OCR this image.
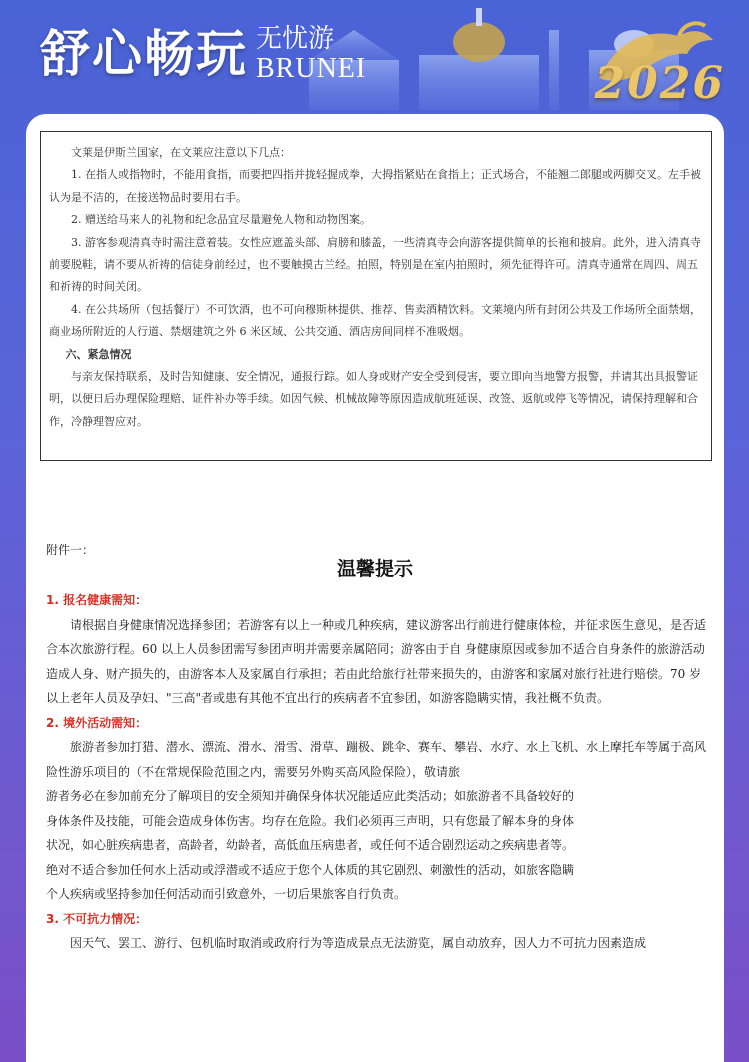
舒心畅玩 无忧游
BRUNEI	2026

文莱是伊斯兰国家，在文莱应注意以下几点：

1. 在指人或指物时，不能用食指，而要把四指并拢轻握成拳，大拇指紧贴在食指上；正式场合，不能翘二郎腿或两脚交叉。左手被认为是不洁的，在接送物品时要用右手。

2. 赠送给马来人的礼物和纪念品宜尽量避免人物和动物图案。

3. 游客参观清真寺时需注意着装。女性应遮盖头部、肩膀和膝盖，一些清真寺会向游客提供简单的长袍和披肩。此外，进入清真寺前要脱鞋，请不要从祈祷的信徒身前经过，也不要触摸古兰经。拍照，特别是在室内拍照时，须先征得许可。清真寺通常在周四、周五和祈祷的时间关闭。

4. 在公共场所（包括餐厅）不可饮酒，也不可向穆斯林提供、推荐、售卖酒精饮料。文莱境内所有封闭公共及工作场所全面禁烟，商业场所附近的人行道、禁烟建筑之外 6 米区域、公共交通、酒店房间同样不准吸烟。

六、紧急情况

与亲友保持联系，及时告知健康、安全情况，通报行踪。如人身或财产安全受到侵害，要立即向当地警方报警，并请其出具报警证明，以便日后办理保险理赔、证件补办等手续。如因气候、机械故障等原因造成航班延误、改签、返航或停飞等情况，请保持理解和合作，冷静理智应对。

附件一：
温馨提示

1. 报名健康需知：

请根据自身健康情况选择参团；若游客有以上一种或几种疾病，建议游客出行前进行健康体检，并征求医生意见，是否适合本次旅游行程。60 以上人员参团需写参团声明并需要亲属陪同；游客由于自 身健康原因或参加不适合自身条件的旅游活动造成人身、财产损失的，由游客本人及家属自行承担；若由此给旅行社带来损失的，由游客和家属对旅行社进行赔偿。70 岁以上老年人员及孕妇、"三高"者或患有其他不宜出行的疾病者不宜参团，如游客隐瞒实情，我社概不负责。

2. 境外活动需知：

旅游者参加打猎、潜水、漂流、滑水、滑雪、滑草、蹦极、跳伞、赛车、攀岩、水疗、水上飞机、水上摩托车等属于高风险性游乐项目的（不在常规保险范围之内，需要另外购买高风险保险），敬请旅

游者务必在参加前充分了解项目的安全须知并确保身体状况能适应此类活动；如旅游者不具备较好的

身体条件及技能，可能会造成身体伤害。均存在危险。我们必须再三声明，只有您最了解本身的身体

状况，如心脏疾病患者，高龄者，幼龄者，高低血压病患者，或任何不适合剧烈运动之疾病患者等。

绝对不适合参加任何水上活动或浮潜或不适应于您个人体质的其它剧烈、刺激性的活动，如旅客隐瞒

个人疾病或坚持参加任何活动而引致意外，一切后果旅客自行负责。

3. 不可抗力情况：

因天气、罢工、游行、包机临时取消或政府行为等造成景点无法游览，属自动放弃，因人力不可抗力因素造成
